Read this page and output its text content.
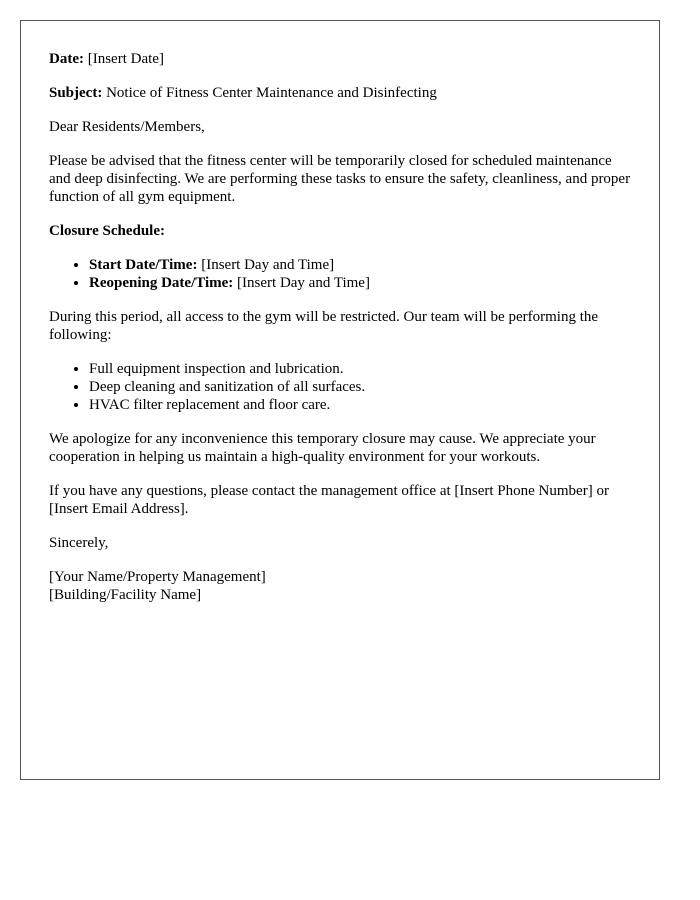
Date: [Insert Date]

Subject: Notice of Fitness Center Maintenance and Disinfecting

Dear Residents/Members,

Please be advised that the fitness center will be temporarily closed for scheduled maintenance and deep disinfecting. We are performing these tasks to ensure the safety, cleanliness, and proper function of all gym equipment.

Closure Schedule:

• Start Date/Time: [Insert Day and Time]
• Reopening Date/Time: [Insert Day and Time]

During this period, all access to the gym will be restricted. Our team will be performing the following:

• Full equipment inspection and lubrication.
• Deep cleaning and sanitization of all surfaces.
• HVAC filter replacement and floor care.

We apologize for any inconvenience this temporary closure may cause. We appreciate your cooperation in helping us maintain a high-quality environment for your workouts.

If you have any questions, please contact the management office at [Insert Phone Number] or [Insert Email Address].

Sincerely,

[Your Name/Property Management]
[Building/Facility Name]
